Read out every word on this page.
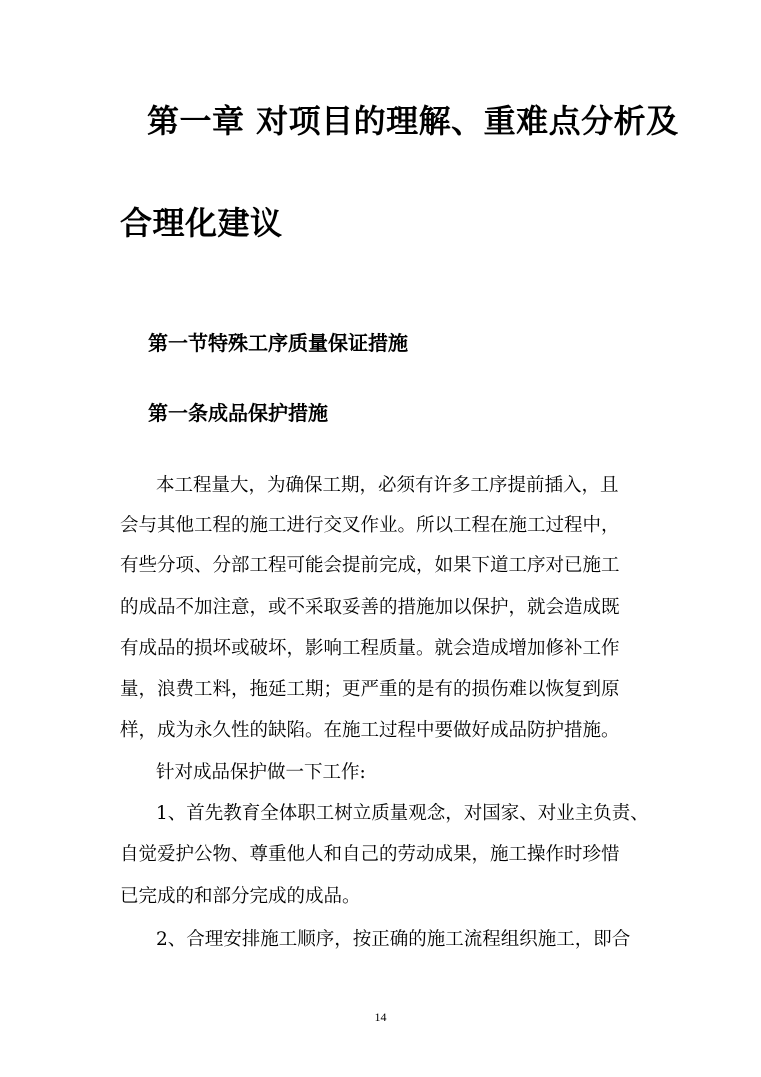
第一章 对项目的理解、重难点分析及
合理化建议
第一节特殊工序质量保证措施
第一条成品保护措施

本工程量大，为确保工期，必须有许多工序提前插入，且

会与其他工程的施工进行交叉作业。所以工程在施工过程中，

有些分项、分部工程可能会提前完成，如果下道工序对已施工

的成品不加注意，或不采取妥善的措施加以保护，就会造成既

有成品的损坏或破坏，影响工程质量。就会造成增加修补工作

量，浪费工料，拖延工期；更严重的是有的损伤难以恢复到原

样，成为永久性的缺陷。在施工过程中要做好成品防护措施。

针对成品保护做一下工作:

1、首先教育全体职工树立质量观念，对国家、对业主负责、

自觉爱护公物、尊重他人和自己的劳动成果，施工操作时珍惜

已完成的和部分完成的成品。

2、合理安排施工顺序，按正确的施工流程组织施工，即合

14
